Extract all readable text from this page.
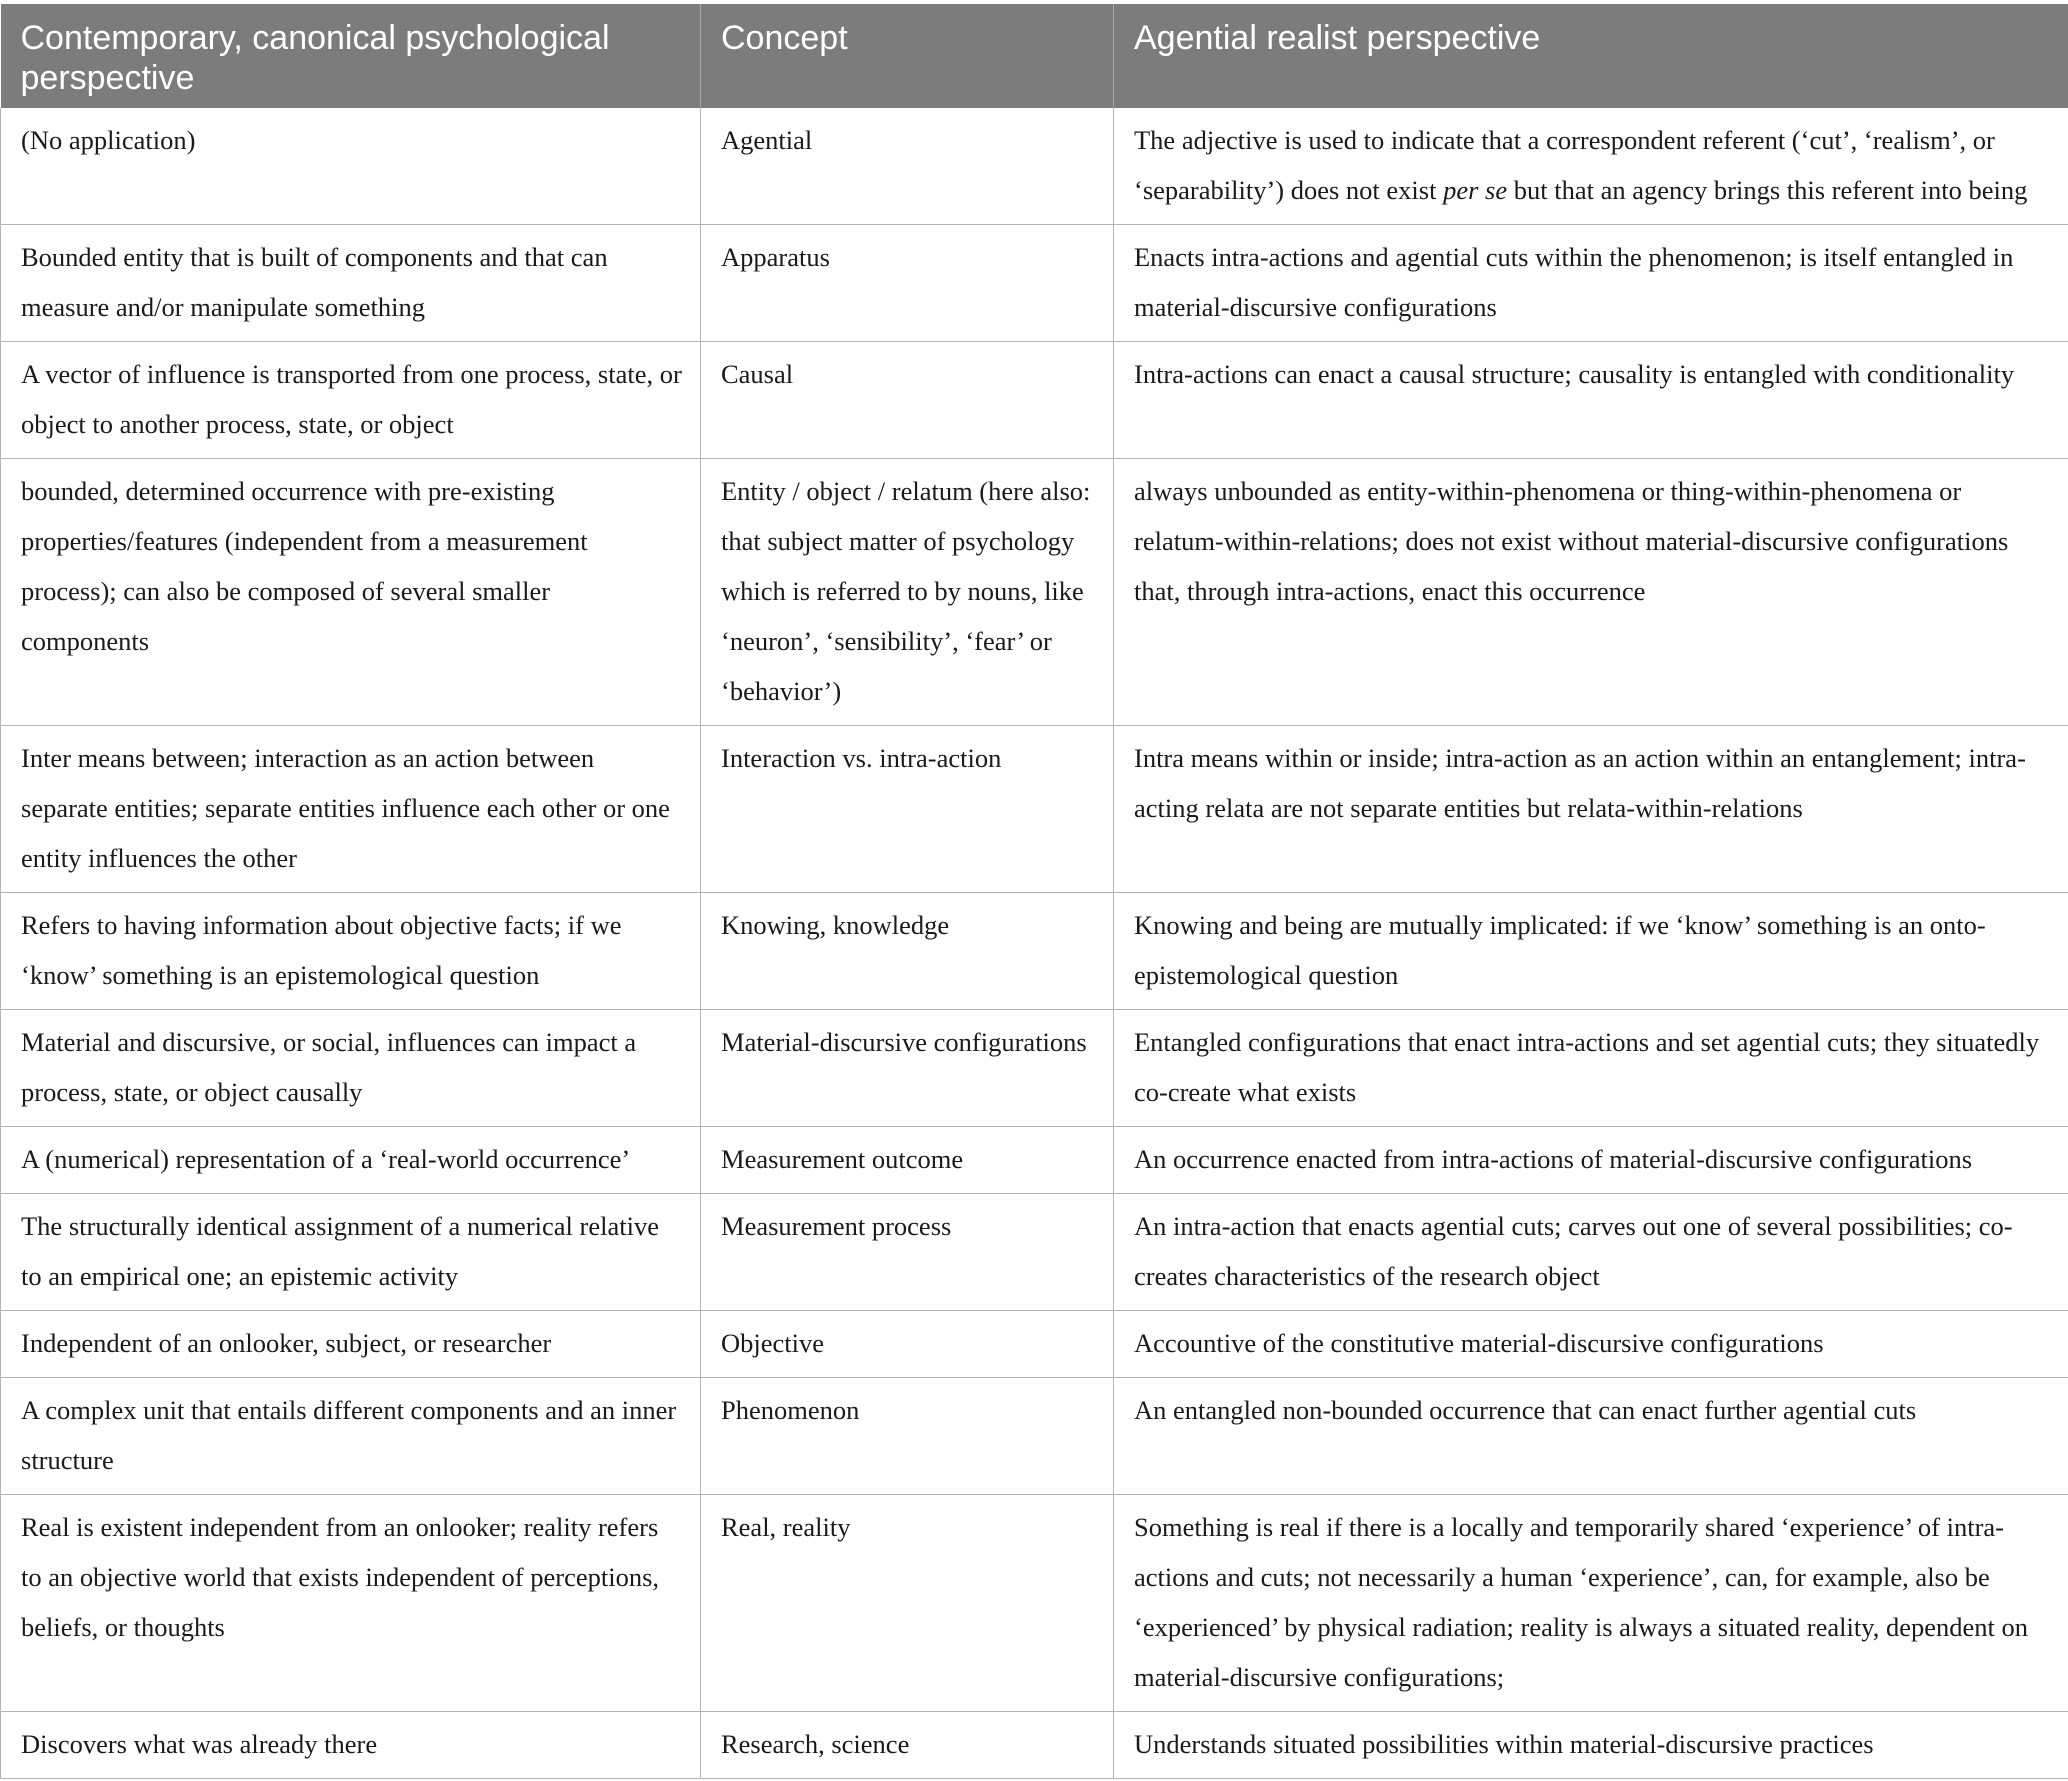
Contemporary, canonical psychological perspective	Concept	Agential realist perspective
(No application)	Agential	The adjective is used to indicate that a correspondent referent (‘cut’, ‘realism’, or ‘separability’) does not exist per se but that an agency brings this referent into being
Bounded entity that is built of components and that can measure and/or manipulate something	Apparatus	Enacts intra-actions and agential cuts within the phenomenon; is itself entangled in material-discursive configurations
A vector of influence is transported from one process, state, or object to another process, state, or object	Causal	Intra-actions can enact a causal structure; causality is entangled with conditionality
bounded, determined occurrence with pre-existing properties/features (independent from a measurement process); can also be composed of several smaller components	Entity / object / relatum (here also: that subject matter of psychology which is referred to by nouns, like ‘neuron’, ‘sensibility’, ‘fear’ or ‘behavior’)	always unbounded as entity-within-phenomena or thing-within-phenomena or relatum-within-relations; does not exist without material-discursive configurations that, through intra-actions, enact this occurrence
Inter means between; interaction as an action between separate entities; separate entities influence each other or one entity influences the other	Interaction vs. intra-action	Intra means within or inside; intra-action as an action within an entanglement; intra-acting relata are not separate entities but relata-within-relations
Refers to having information about objective facts; if we ‘know’ something is an epistemological question	Knowing, knowledge	Knowing and being are mutually implicated: if we ‘know’ something is an onto-epistemological question
Material and discursive, or social, influences can impact a process, state, or object causally	Material-discursive configurations	Entangled configurations that enact intra-actions and set agential cuts; they situatedly co-create what exists
A (numerical) representation of a ‘real-world occurrence’	Measurement outcome	An occurrence enacted from intra-actions of material-discursive configurations
The structurally identical assignment of a numerical relative to an empirical one; an epistemic activity	Measurement process	An intra-action that enacts agential cuts; carves out one of several possibilities; co-creates characteristics of the research object
Independent of an onlooker, subject, or researcher	Objective	Accountive of the constitutive material-discursive configurations
A complex unit that entails different components and an inner structure	Phenomenon	An entangled non-bounded occurrence that can enact further agential cuts
Real is existent independent from an onlooker; reality refers to an objective world that exists independent of perceptions, beliefs, or thoughts	Real, reality	Something is real if there is a locally and temporarily shared ‘experience’ of intra-actions and cuts; not necessarily a human ‘experience’, can, for example, also be ‘experienced’ by physical radiation; reality is always a situated reality, dependent on material-discursive configurations;
Discovers what was already there	Research, science	Understands situated possibilities within material-discursive practices
